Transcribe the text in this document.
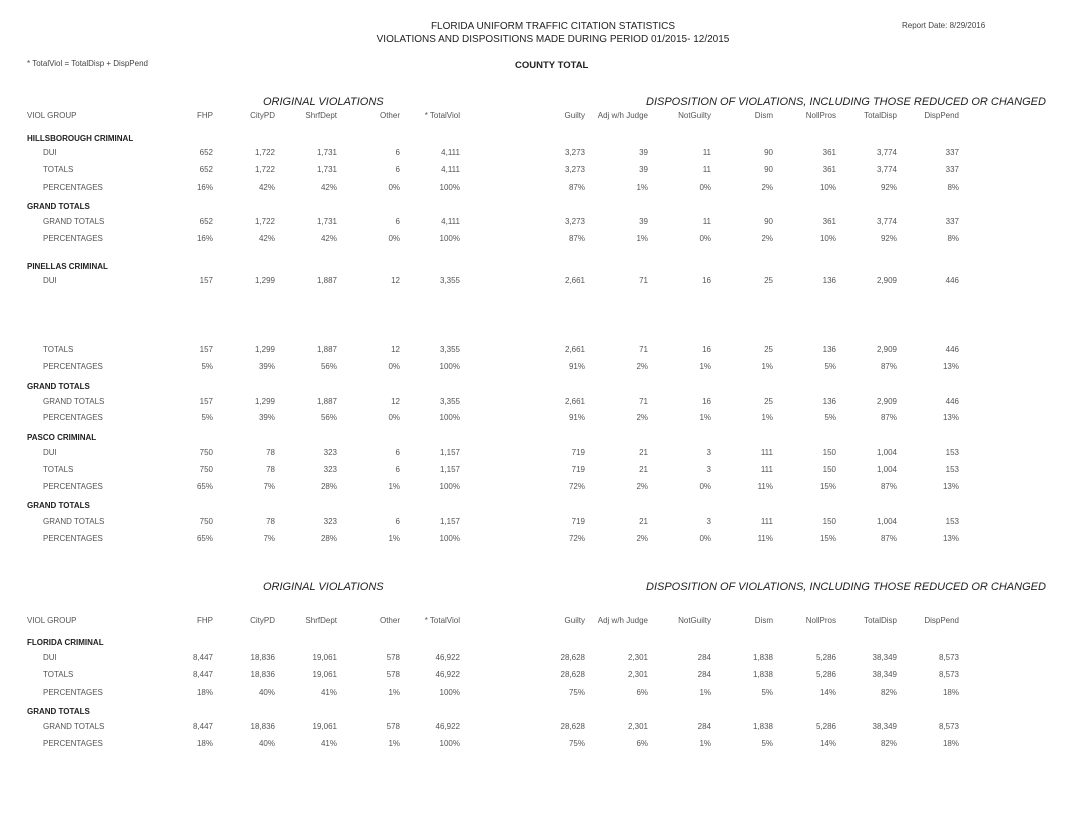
FLORIDA UNIFORM TRAFFIC CITATION STATISTICS
VIOLATIONS AND DISPOSITIONS MADE DURING PERIOD 01/2015- 12/2015
Report Date: 8/29/2016
* TotalViol = TotalDisp + DispPend	COUNTY TOTAL
ORIGINAL VIOLATIONS	DISPOSITION OF VIOLATIONS, INCLUDING THOSE REDUCED OR CHANGED
VIOL GROUP	FHP	CityPD	ShrfDept	Other	* TotalViol	Guilty	Adj w/h Judge	NotGuilty	Dism	NollPros	TotalDisp	DispPend
ORIGINAL VIOLATIONS	DISPOSITION OF VIOLATIONS, INCLUDING THOSE REDUCED OR CHANGED
VIOL GROUP	FHP	CityPD	ShrfDept	Other	* TotalViol	Guilty	Adj w/h Judge	NotGuilty	Dism	NollPros	TotalDisp	DispPend
HILLSBOROUGH CRIMINAL
DUI	652	1,722	1,731	6	4,111	3,273	39	11	90	361	3,774	337
TOTALS	652	1,722	1,731	6	4,111	3,273	39	11	90	361	3,774	337
PERCENTAGES	16%	42%	42%	0%	100%	87%	1%	0%	2%	10%	92%	8%
GRAND TOTALS
GRAND TOTALS	652	1,722	1,731	6	4,111	3,273	39	11	90	361	3,774	337
PERCENTAGES	16%	42%	42%	0%	100%	87%	1%	0%	2%	10%	92%	8%
PINELLAS CRIMINAL
DUI	157	1,299	1,887	12	3,355	2,661	71	16	25	136	2,909	446
TOTALS	157	1,299	1,887	12	3,355	2,661	71	16	25	136	2,909	446
PERCENTAGES	5%	39%	56%	0%	100%	91%	2%	1%	1%	5%	87%	13%
GRAND TOTALS
GRAND TOTALS	157	1,299	1,887	12	3,355	2,661	71	16	25	136	2,909	446
PERCENTAGES	5%	39%	56%	0%	100%	91%	2%	1%	1%	5%	87%	13%
PASCO CRIMINAL
DUI	750	78	323	6	1,157	719	21	3	111	150	1,004	153
TOTALS	750	78	323	6	1,157	719	21	3	111	150	1,004	153
PERCENTAGES	65%	7%	28%	1%	100%	72%	2%	0%	11%	15%	87%	13%
GRAND TOTALS
GRAND TOTALS	750	78	323	6	1,157	719	21	3	111	150	1,004	153
PERCENTAGES	65%	7%	28%	1%	100%	72%	2%	0%	11%	15%	87%	13%
FLORIDA CRIMINAL
DUI	8,447	18,836	19,061	578	46,922	28,628	2,301	284	1,838	5,286	38,349	8,573
TOTALS	8,447	18,836	19,061	578	46,922	28,628	2,301	284	1,838	5,286	38,349	8,573
PERCENTAGES	18%	40%	41%	1%	100%	75%	6%	1%	5%	14%	82%	18%
GRAND TOTALS
GRAND TOTALS	8,447	18,836	19,061	578	46,922	28,628	2,301	284	1,838	5,286	38,349	8,573
PERCENTAGES	18%	40%	41%	1%	100%	75%	6%	1%	5%	14%	82%	18%
